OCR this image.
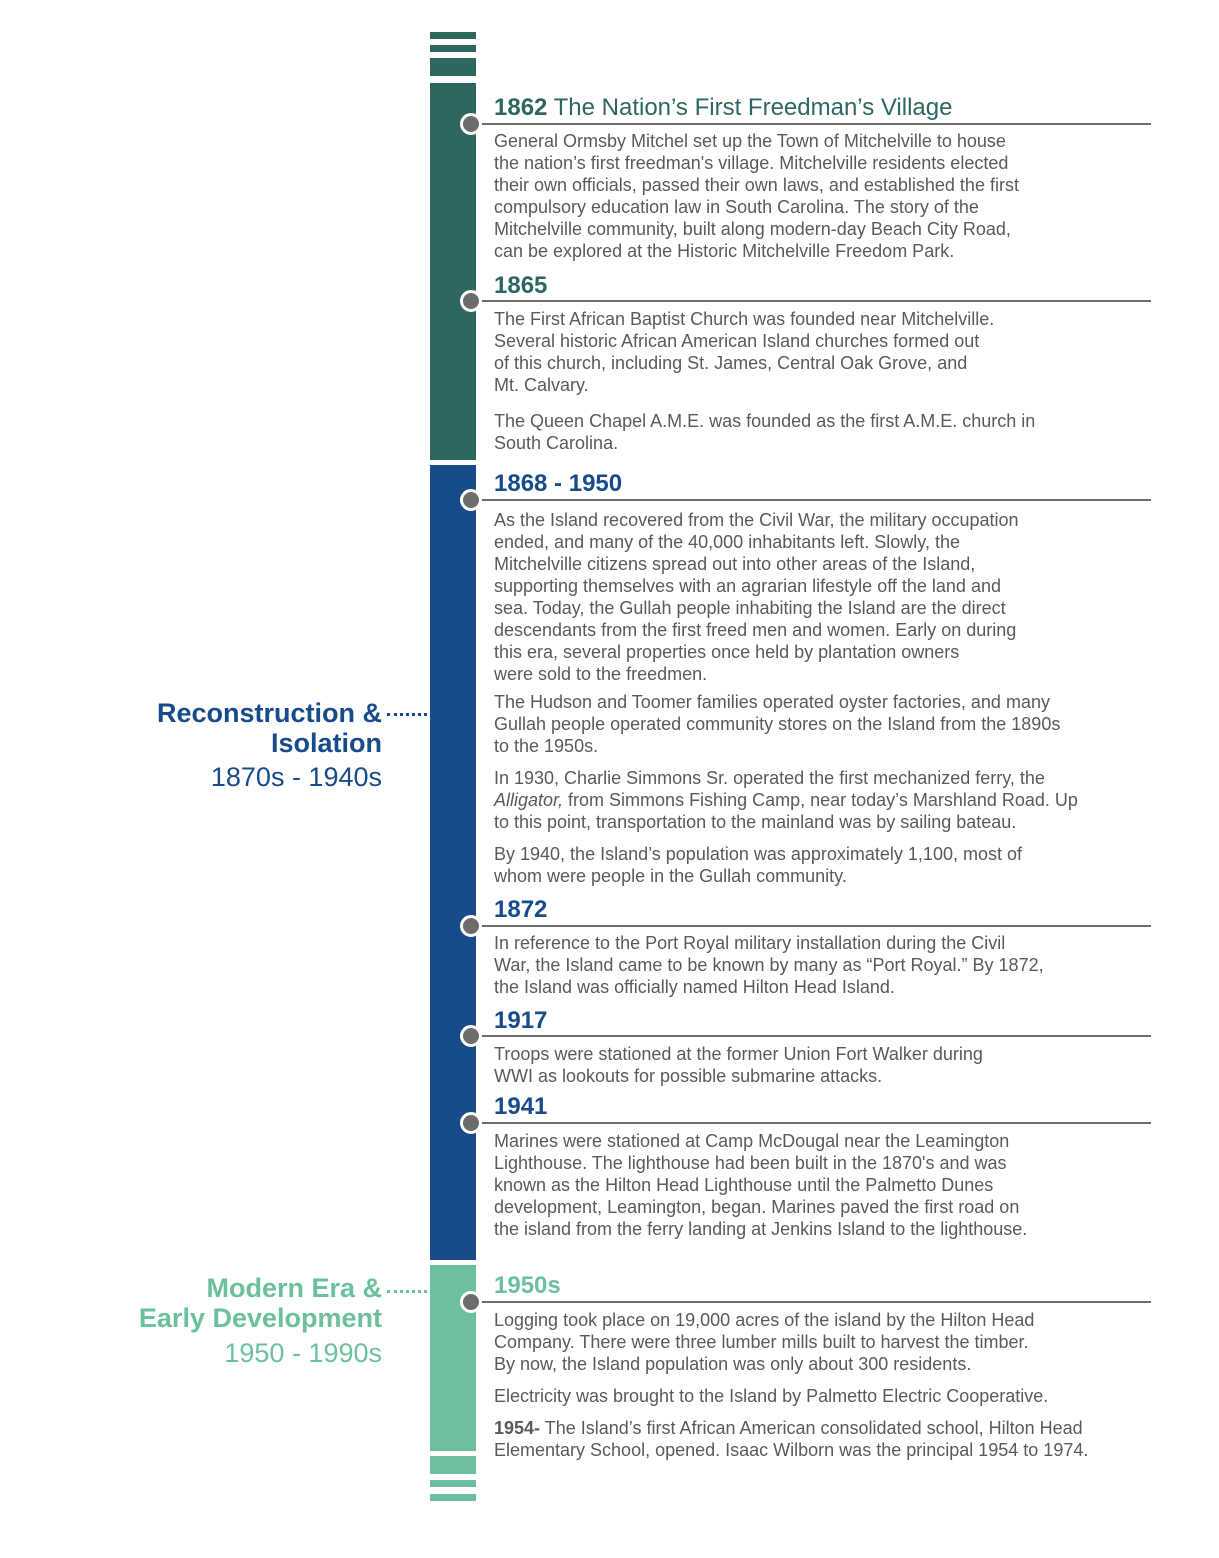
Reconstruction &
Isolation
1870s - 1940s
Modern Era &
Early Development
1950 - 1990s
1862 The Nation’s First Freedman’s Village

General Ormsby Mitchel set up the Town of Mitchelville to house
the nation’s first freedman's village. Mitchelville residents elected
their own officials, passed their own laws, and established the first
compulsory education law in South Carolina. The story of the
Mitchelville community, built along modern-day Beach City Road,
can be explored at the Historic Mitchelville Freedom Park.

1865

The First African Baptist Church was founded near Mitchelville.
Several historic African American Island churches formed out
of this church, including St. James, Central Oak Grove, and
Mt. Calvary.

The Queen Chapel A.M.E. was founded as the first A.M.E. church in
South Carolina.

1868 - 1950

As the Island recovered from the Civil War, the military occupation
ended, and many of the 40,000 inhabitants left. Slowly, the
Mitchelville citizens spread out into other areas of the Island,
supporting themselves with an agrarian lifestyle off the land and
sea. Today, the Gullah people inhabiting the Island are the direct
descendants from the first freed men and women. Early on during
this era, several properties once held by plantation owners
were sold to the freedmen.

The Hudson and Toomer families operated oyster factories, and many
Gullah people operated community stores on the Island from the 1890s
to the 1950s.

In 1930, Charlie Simmons Sr. operated the first mechanized ferry, the
Alligator, from Simmons Fishing Camp, near today’s Marshland Road. Up
to this point, transportation to the mainland was by sailing bateau.

By 1940, the Island’s population was approximately 1,100, most of
whom were people in the Gullah community.

1872

In reference to the Port Royal military installation during the Civil
War, the Island came to be known by many as “Port Royal.” By 1872,
the Island was officially named Hilton Head Island.

1917

Troops were stationed at the former Union Fort Walker during
WWI as lookouts for possible submarine attacks.

1941

Marines were stationed at Camp McDougal near the Leamington
Lighthouse. The lighthouse had been built in the 1870's and was
known as the Hilton Head Lighthouse until the Palmetto Dunes
development, Leamington, began. Marines paved the first road on
the island from the ferry landing at Jenkins Island to the lighthouse.

1950s

Logging took place on 19,000 acres of the island by the Hilton Head
Company. There were three lumber mills built to harvest the timber.
By now, the Island population was only about 300 residents.

Electricity was brought to the Island by Palmetto Electric Cooperative.

1954- The Island’s first African American consolidated school, Hilton Head
Elementary School, opened. Isaac Wilborn was the principal 1954 to 1974.
